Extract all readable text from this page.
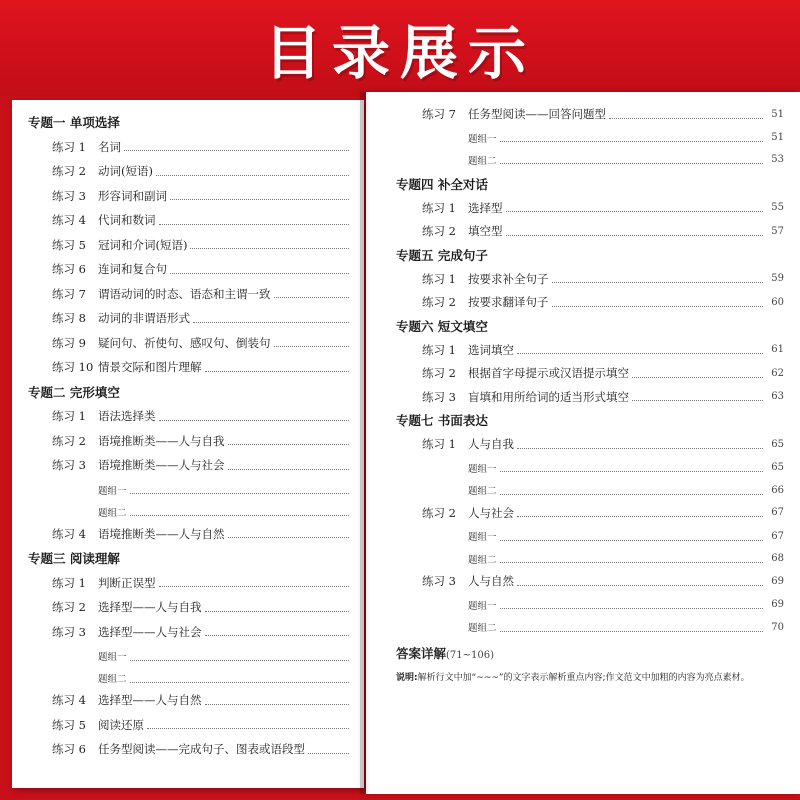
目录展示
专题一 单项选择
练习 1	名词
练习 2	动词(短语)
练习 3	形容词和副词
练习 4	代词和数词
练习 5	冠词和介词(短语)
练习 6	连词和复合句
练习 7	谓语动词的时态、语态和主谓一致
练习 8	动词的非谓语形式
练习 9	疑问句、祈使句、感叹句、倒装句
练习 10 情景交际和图片理解
专题二 完形填空
练习 1	语法选择类
练习 2	语境推断类——人与自我
练习 3	语境推断类——人与社会
题组一
题组二
练习 4	语境推断类——人与自然
专题三 阅读理解
练习 1	判断正误型
练习 2	选择型——人与自我
练习 3	选择型——人与社会
题组一
题组二
练习 4	选择型——人与自然
练习 5	阅读还原
练习 6	任务型阅读——完成句子、图表或语段型
练习 7	任务型阅读——回答问题型	51
题组一	51
题组二	53
专题四 补全对话
练习 1	选择型	55
练习 2	填空型	57
专题五 完成句子
练习 1	按要求补全句子	59
练习 2	按要求翻译句子	60
专题六 短文填空
练习 1	选词填空	61
练习 2	根据首字母提示或汉语提示填空	62
练习 3	盲填和用所给词的适当形式填空	63
专题七 书面表达
练习 1	人与自我	65
题组一	65
题组二	66
练习 2	人与社会	67
题组一	67
题组二	68
练习 3	人与自然	69
题组一	69
题组二	70
答案详解(71~106)
说明:解析行文中加“~~~”的文字表示解析重点内容;作文范文中加粗的内容为亮点素材。
